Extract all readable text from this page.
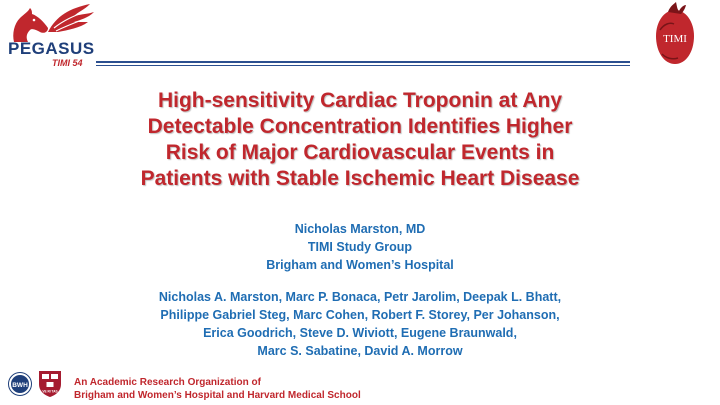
PEGASUS
TIMI 54
TIMI
High-sensitivity Cardiac Troponin at Any
Detectable Concentration Identifies Higher
Risk of Major Cardiovascular Events in
Patients with Stable Ischemic Heart Disease
Nicholas Marston, MD
TIMI Study Group
Brigham and Women’s Hospital
Nicholas A. Marston, Marc P. Bonaca, Petr Jarolim, Deepak L. Bhatt,
Philippe Gabriel Steg, Marc Cohen, Robert F. Storey, Per Johanson,
Erica Goodrich, Steve D. Wiviott, Eugene Braunwald,
Marc S. Sabatine, David A. Morrow
BWH
VE RI TAS
An Academic Research Organization of
Brigham and Women’s Hospital and Harvard Medical School
